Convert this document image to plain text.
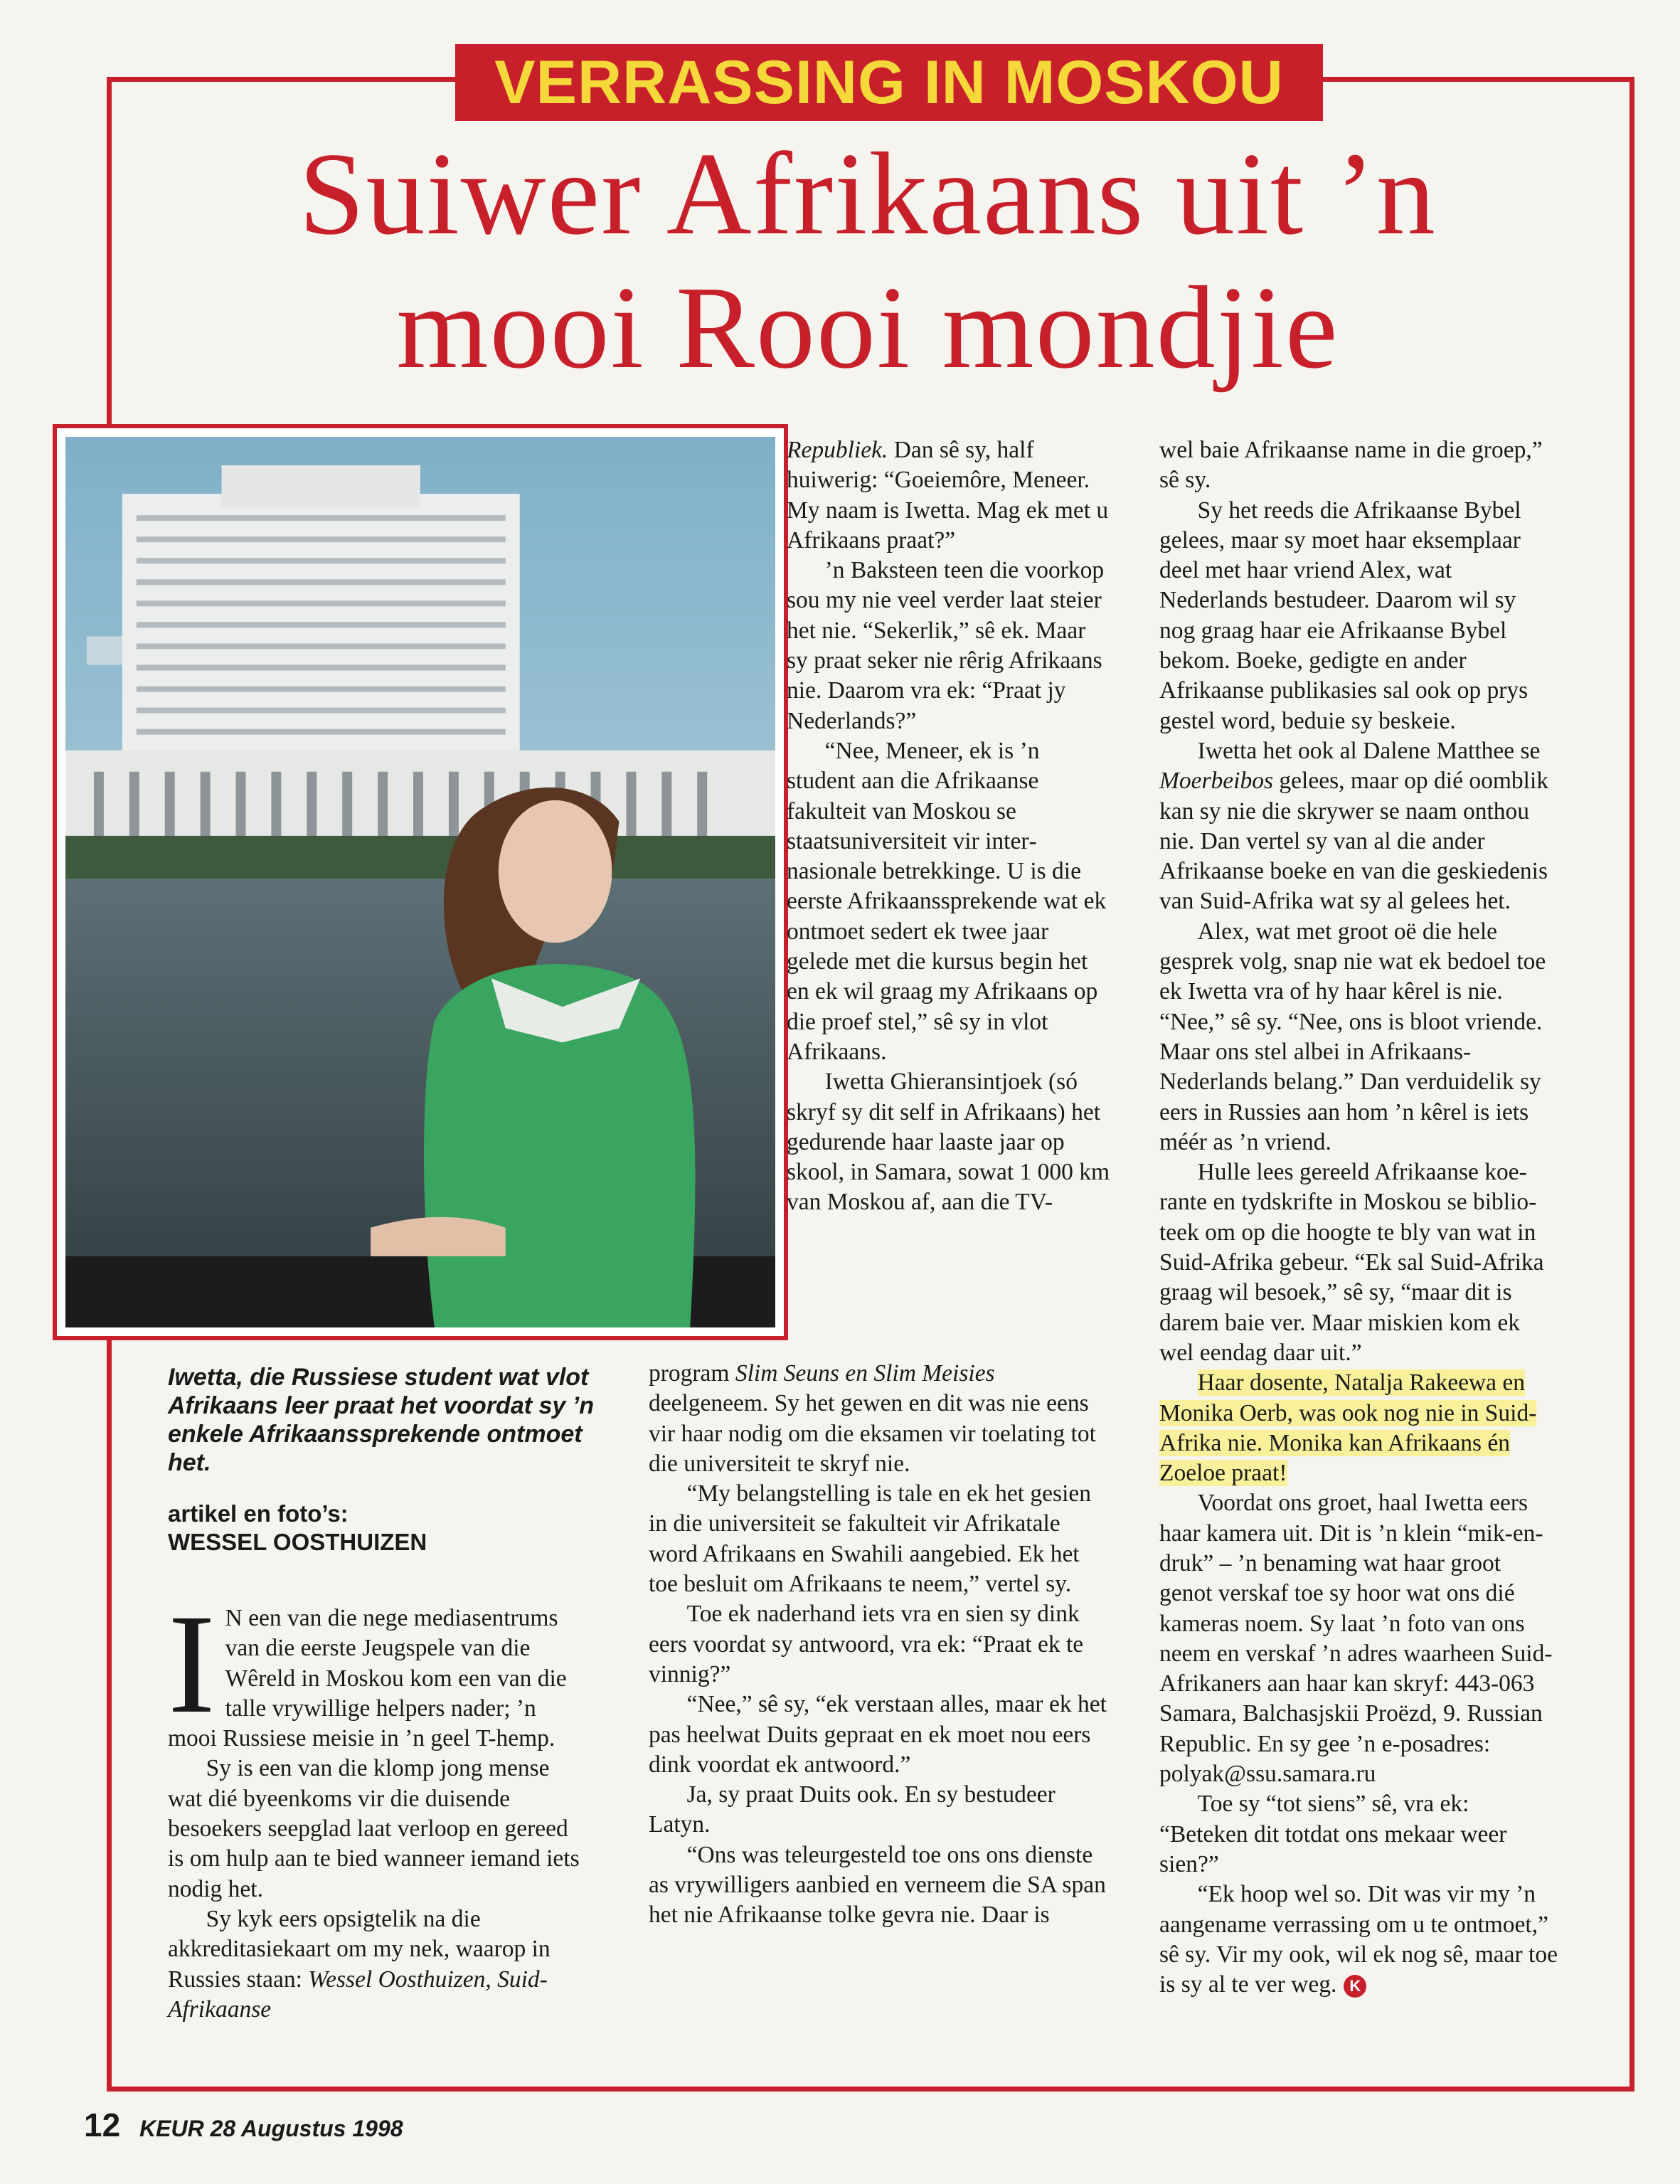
VERRASSING IN MOSKOU
Suiwer Afrikaans uit ’n
mooi Rooi mondjie
Iwetta, die Russiese student wat vlot Afrikaans leer praat het voordat sy ’n enkele Afrikaanssprekende ontmoet het.
artikel en foto’s:
WESSEL OOSTHUIZEN

I N een van die nege mediasentrums van die eerste Jeugspele van die Wêreld in Moskou kom een van die talle vrywillige helpers nader; ’n mooi Russiese meisie in ’n geel T-hemp.

Sy is een van die klomp jong mense wat dié byeenkoms vir die duisende besoekers seepglad laat verloop en gereed is om hulp aan te bied wanneer iemand iets nodig het.

Sy kyk eers opsigtelik na die akkreditasiekaart om my nek, waarop in Russies staan: Wessel Oosthuizen, Suid-Afrikaanse

Republiek. Dan sê sy, half huiwerig: “Goeiemôre, Meneer. My naam is Iwetta. Mag ek met u Afrikaans praat?”

’n Baksteen teen die voorkop sou my nie veel verder laat steier het nie. “Sekerlik,” sê ek. Maar sy praat seker nie rêrig Afrikaans nie. Daarom vra ek: “Praat jy Nederlands?”

“Nee, Meneer, ek is ’n student aan die Afrikaanse fakulteit van Moskou se staatsuniversiteit vir internasionale betrekkinge. U is die eerste Afrikaanssprekende wat ek ontmoet sedert ek twee jaar gelede met die kursus begin het en ek wil graag my Afrikaans op die proef stel,” sê sy in vlot Afrikaans.

Iwetta Ghieransintjoek (só skryf sy dit self in Afrikaans) het gedurende haar laaste jaar op skool, in Samara, sowat 1 000 km van Moskou af, aan die TV-

program Slim Seuns en Slim Meisies deelgeneem. Sy het gewen en dit was nie eens vir haar nodig om die eksamen vir toelating tot die universiteit te skryf nie.

“My belangstelling is tale en ek het gesien in die universiteit se fakulteit vir Afrikatale word Afrikaans en Swahili aangebied. Ek het toe besluit om Afrikaans te neem,” vertel sy.

Toe ek naderhand iets vra en sien sy dink eers voordat sy antwoord, vra ek: “Praat ek te vinnig?”

“Nee,” sê sy, “ek verstaan alles, maar ek het pas heelwat Duits gepraat en ek moet nou eers dink voordat ek antwoord.”

Ja, sy praat Duits ook. En sy bestudeer Latyn.

“Ons was teleurgesteld toe ons ons dienste as vrywilligers aanbied en verneem die SA span het nie Afrikaanse tolke gevra nie. Daar is

wel baie Afrikaanse name in die groep,” sê sy.

Sy het reeds die Afrikaanse Bybel gelees, maar sy moet haar eksemplaar deel met haar vriend Alex, wat Nederlands bestudeer. Daarom wil sy nog graag haar eie Afrikaanse Bybel bekom. Boeke, gedigte en ander Afrikaanse publikasies sal ook op prys gestel word, beduie sy beskeie.

Iwetta het ook al Dalene Matthee se Moerbeibos gelees, maar op dié oomblik kan sy nie die skrywer se naam onthou nie. Dan vertel sy van al die ander Afrikaanse boeke en van die geskiedenis van Suid-Afrika wat sy al gelees het.

Alex, wat met groot oë die hele gesprek volg, snap nie wat ek bedoel toe ek Iwetta vra of hy haar kêrel is nie. “Nee,” sê sy. “Nee, ons is bloot vriende. Maar ons stel albei in Afrikaans-Nederlands belang.” Dan verduidelik sy eers in Russies aan hom ’n kêrel is iets méér as ’n vriend.

Hulle lees gereeld Afrikaanse koerante en tydskrifte in Moskou se biblioteek om op die hoogte te bly van wat in Suid-Afrika gebeur. “Ek sal Suid-Afrika graag wil besoek,” sê sy, “maar dit is darem baie ver. Maar miskien kom ek wel eendag daar uit.”

Haar dosente, Natalja Rakeewa en Monika Oerb, was ook nog nie in Suid-Afrika nie. Monika kan Afrikaans én Zoeloe praat!

Voordat ons groet, haal Iwetta eers haar kamera uit. Dit is ’n klein “mik-en-druk” – ’n benaming wat haar groot genot verskaf toe sy hoor wat ons dié kameras noem. Sy laat ’n foto van ons neem en verskaf ’n adres waarheen Suid-Afrikaners aan haar kan skryf: 443-063 Samara, Balchasjskii Proëzd, 9. Russian Republic. En sy gee ’n e-posadres: polyak@ssu.samara.ru

Toe sy “tot siens” sê, vra ek: “Beteken dit totdat ons mekaar weer sien?”

“Ek hoop wel so. Dit was vir my ’n aangename verrassing om u te ontmoet,” sê sy. Vir my ook, wil ek nog sê, maar toe is sy al te ver weg. K

12 KEUR 28 Augustus 1998
